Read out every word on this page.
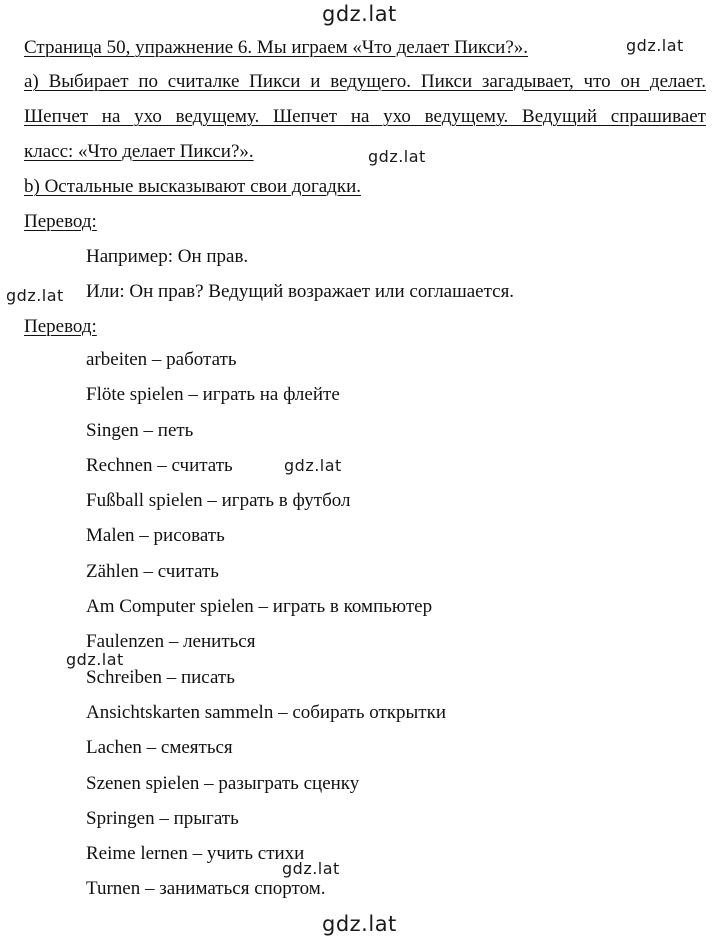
gdz.lat
gdz.lat
gdz.lat
gdz.lat
gdz.lat
gdz.lat
gdz.lat
gdz.lat
Страница 50, упражнение 6. Мы играем «Что делает Пикси?».
a) Выбирает по считалке Пикси и ведущего. Пикси загадывает, что он делает.
Шепчет на ухо ведущему. Шепчет на ухо ведущему. Ведущий спрашивает
класс: «Что делает Пикси?».
b) Остальные высказывают свои догадки.
Перевод:
Например: Он прав.
Или: Он прав? Ведущий возражает или соглашается.
Перевод:
arbeiten – работать
Flöte spielen – играть на флейте
Singen – петь
Rechnen – считать
Fußball spielen – играть в футбол
Malen – рисовать
Zählen – считать
Am Computer spielen – играть в компьютер
Faulenzen – лениться
Schreiben – писать
Ansichtskarten sammeln – собирать открытки
Lachen – смеяться
Szenen spielen – разыграть сценку
Springen – прыгать
Reime lernen – учить стихи
Turnen – заниматься спортом.
